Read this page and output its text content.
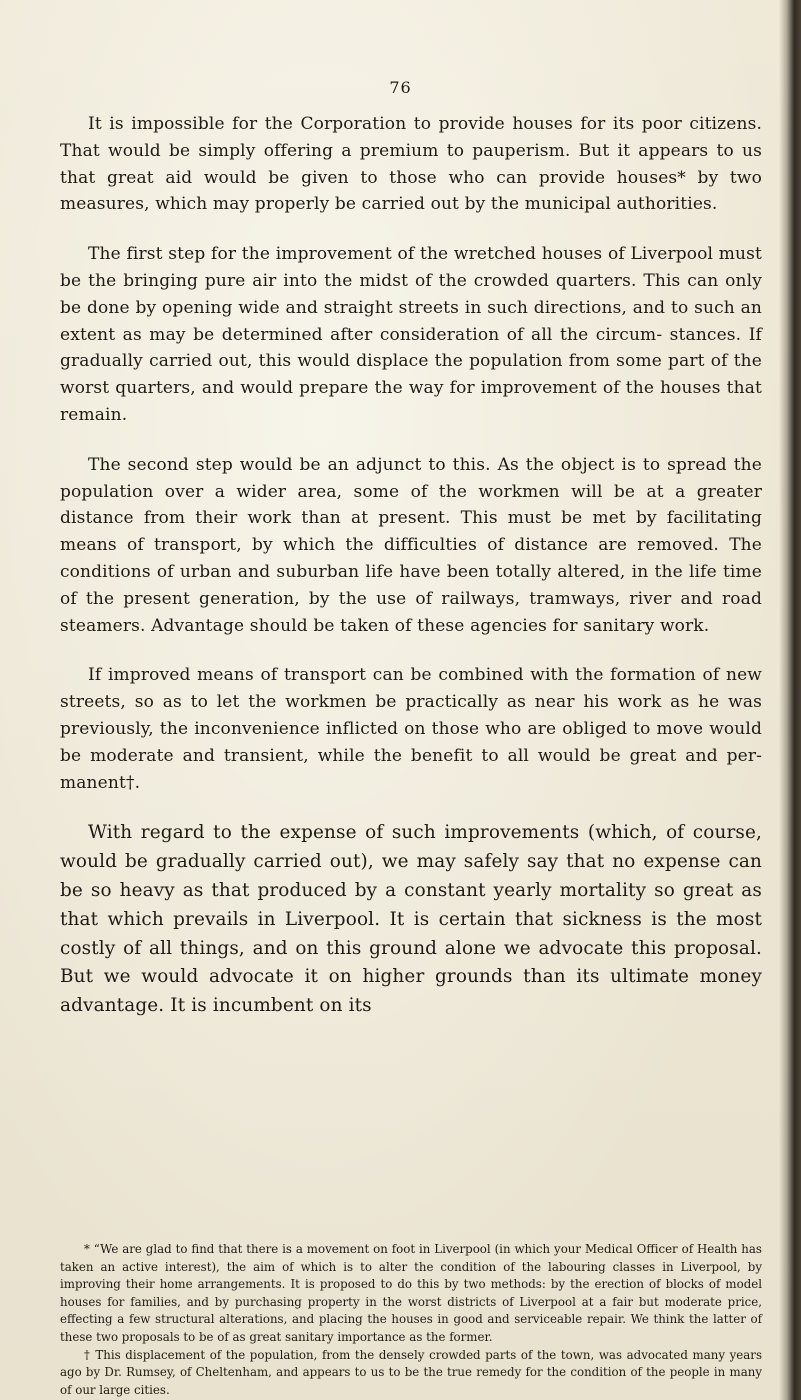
76

It is impossible for the Corporation to provide houses for its poor citizens. That would be simply offering a premium to pauperism. But it appears to us that great aid would be given to those who can provide houses* by two measures, which may properly be carried out by the municipal authorities.

The first step for the improvement of the wretched houses of Liverpool must be the bringing pure air into the midst of the crowded quarters. This can only be done by opening wide and straight streets in such directions, and to such an extent as may be determined after consideration of all the circum- stances. If gradually carried out, this would displace the population from some part of the worst quarters, and would prepare the way for improvement of the houses that remain.

The second step would be an adjunct to this. As the object is to spread the population over a wider area, some of the workmen will be at a greater distance from their work than at present. This must be met by facilitating means of transport, by which the difficulties of distance are removed. The conditions of urban and suburban life have been totally altered, in the life time of the present generation, by the use of railways, tramways, river and road steamers. Advantage should be taken of these agencies for sanitary work.

If improved means of transport can be combined with the formation of new streets, so as to let the workmen be practically as near his work as he was previously, the inconvenience inflicted on those who are obliged to move would be moderate and transient, while the benefit to all would be great and per- manent†.

With regard to the expense of such improvements (which, of course, would be gradually carried out), we may safely say that no expense can be so heavy as that produced by a constant yearly mortality so great as that which prevails in Liverpool. It is certain that sickness is the most costly of all things, and on this ground alone we advocate this proposal. But we would advocate it on higher grounds than its ultimate money advantage. It is incumbent on its

* “We are glad to find that there is a movement on foot in Liverpool (in which your Medical Officer of Health has taken an active interest), the aim of which is to alter the condition of the labouring classes in Liverpool, by improving their home arrangements. It is proposed to do this by two methods: by the erection of blocks of model houses for families, and by purchasing property in the worst districts of Liverpool at a fair but moderate price, effecting a few structural alterations, and placing the houses in good and serviceable repair. We think the latter of these two proposals to be of as great sanitary importance as the former.

† This displacement of the population, from the densely crowded parts of the town, was advocated many years ago by Dr. Rumsey, of Cheltenham, and appears to us to be the true remedy for the condition of the people in many of our large cities.
